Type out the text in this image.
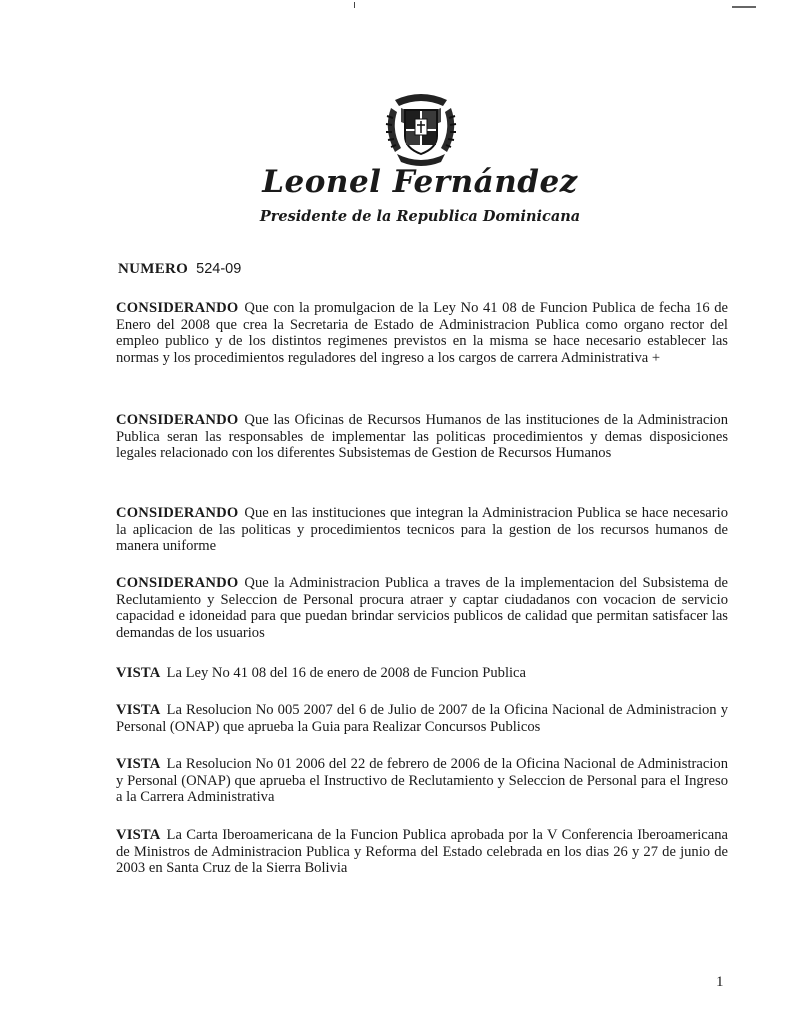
Leonel Fernández
Presidente de la Republica Dominicana
NUMERO 524-09
CONSIDERANDO Que con la promulgacion de la Ley No 41 08 de Funcion Publica de fecha 16 de Enero del 2008 que crea la Secretaria de Estado de Administracion Publica como organo rector del empleo publico y de los distintos regimenes previstos en la misma se hace necesario establecer las normas y los procedimientos reguladores del ingreso a los cargos de carrera Administrativa +
CONSIDERANDO Que las Oficinas de Recursos Humanos de las instituciones de la Administracion Publica seran las responsables de implementar las politicas procedimientos y demas disposiciones legales relacionado con los diferentes Subsistemas de Gestion de Recursos Humanos
CONSIDERANDO Que en las instituciones que integran la Administracion Publica se hace necesario la aplicacion de las politicas y procedimientos tecnicos para la gestion de los recursos humanos de manera uniforme
CONSIDERANDO Que la Administracion Publica a traves de la implementacion del Subsistema de Reclutamiento y Seleccion de Personal procura atraer y captar ciudadanos con vocacion de servicio capacidad e idoneidad para que puedan brindar servicios publicos de calidad que permitan satisfacer las demandas de los usuarios
VISTA La Ley No 41 08 del 16 de enero de 2008 de Funcion Publica
VISTA La Resolucion No 005 2007 del 6 de Julio de 2007 de la Oficina Nacional de Administracion y Personal (ONAP) que aprueba la Guia para Realizar Concursos Publicos
VISTA La Resolucion No 01 2006 del 22 de febrero de 2006 de la Oficina Nacional de Administracion y Personal (ONAP) que aprueba el Instructivo de Reclutamiento y Seleccion de Personal para el Ingreso a la Carrera Administrativa
VISTA La Carta Iberoamericana de la Funcion Publica aprobada por la V Conferencia Iberoamericana de Ministros de Administracion Publica y Reforma del Estado celebrada en los dias 26 y 27 de junio de 2003 en Santa Cruz de la Sierra Bolivia
1
